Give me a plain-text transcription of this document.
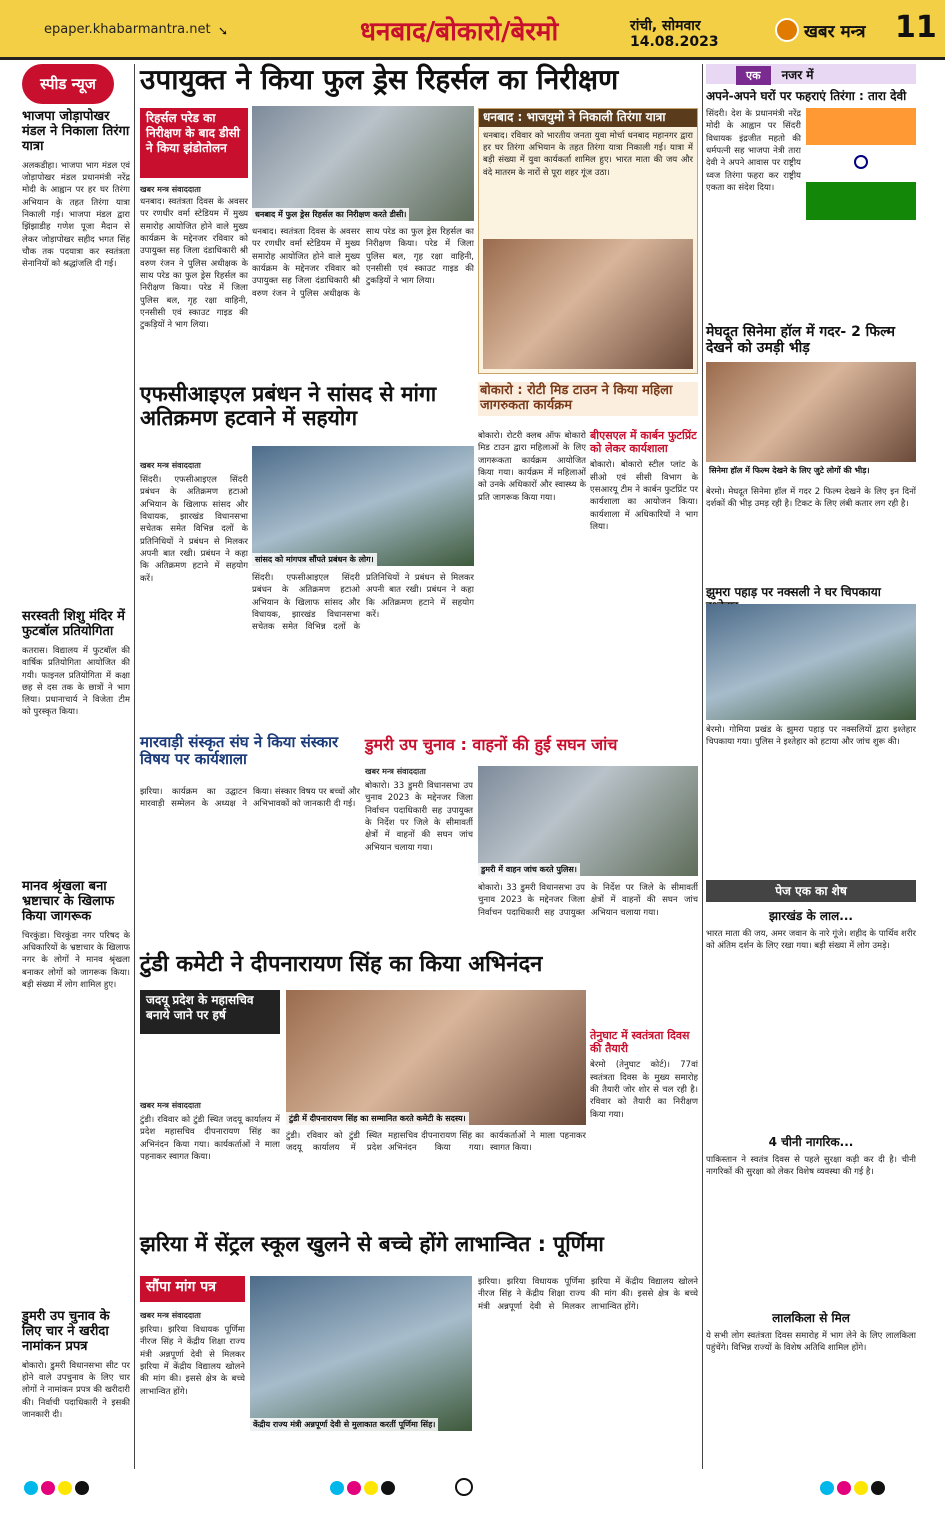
epaper.khabarmantra.net ➘	धनबाद/बोकारो/बेरमो	रांची, सोमवार
14.08.2023	खबर मन्त्र 11
स्पीड न्यूज
भाजपा जोड़ापोखर मंडल ने निकाला तिरंगा यात्रा
अलकडीहा। भाजपा भाग मंडल एवं जोड़ापोखर मंडल प्रधानमंत्री नरेंद्र मोदी के आह्वान पर हर घर तिरंगा अभियान के तहत तिरंगा यात्रा निकाली गई। भाजपा मंडल द्वारा झिंझाडीह गणेश पूजा मैदान से लेकर जोड़ापोखर सहीद भगत सिंह चौक तक पदयात्रा कर स्वतंत्रता सेनानियों को श्रद्धांजलि दी गई।
सरस्वती शिशु मंदिर में फुटबॉल प्रतियोगिता
कतरास। विद्यालय में फुटबॉल की वार्षिक प्रतियोगिता आयोजित की गयी। फाइनल प्रतियोगिता में कक्षा छह से दस तक के छात्रों ने भाग लिया। प्रधानाचार्य ने विजेता टीम को पुरस्कृत किया।
मानव श्रृंखला बना भ्रष्टाचार के खिलाफ किया जागरूक
चिरकुंडा। चिरकुंडा नगर परिषद के अधिकारियों के भ्रष्टाचार के खिलाफ नगर के लोगों ने मानव श्रृंखला बनाकर लोगों को जागरूक किया। बड़ी संख्या में लोग शामिल हुए।
डुमरी उप चुनाव के लिए चार ने खरीदा नामांकन प्रपत्र
बोकारो। डुमरी विधानसभा सीट पर होने वाले उपचुनाव के लिए चार लोगों ने नामांकन प्रपत्र की खरीदारी की। निर्वाची पदाधिकारी ने इसकी जानकारी दी।
उपायुक्त ने किया फुल ड्रेस रिहर्सल का निरीक्षण
रिहर्सल परेड का निरीक्षण के बाद डीसी ने किया झंडोतोलन
धनबाद में फुल ड्रेस रिहर्सल का निरीक्षण करते डीसी।
खबर मन्त्र संवाददाता
धनबाद। स्वतंत्रता दिवस के अवसर पर रणधीर वर्मा स्टेडियम में मुख्य समारोह आयोजित होने वाले मुख्य कार्यक्रम के मद्देनजर रविवार को उपायुक्त सह जिला दंडाधिकारी श्री वरुण रंजन ने पुलिस अधीक्षक के साथ परेड का फुल ड्रेस रिहर्सल का निरीक्षण किया। परेड में जिला पुलिस बल, गृह रक्षा वाहिनी, एनसीसी एवं स्काउट गाइड की टुकड़ियों ने भाग लिया।
धनबाद। स्वतंत्रता दिवस के अवसर पर रणधीर वर्मा स्टेडियम में मुख्य समारोह आयोजित होने वाले मुख्य कार्यक्रम के मद्देनजर रविवार को उपायुक्त सह जिला दंडाधिकारी श्री वरुण रंजन ने पुलिस अधीक्षक के साथ परेड का फुल ड्रेस रिहर्सल का निरीक्षण किया। परेड में जिला पुलिस बल, गृह रक्षा वाहिनी, एनसीसी एवं स्काउट गाइड की टुकड़ियों ने भाग लिया।
धनबाद : भाजयुमो ने निकाली तिरंगा यात्रा
धनबाद। रविवार को भारतीय जनता युवा मोर्चा धनबाद महानगर द्वारा हर घर तिरंगा अभियान के तहत तिरंगा यात्रा निकाली गई। यात्रा में बड़ी संख्या में युवा कार्यकर्ता शामिल हुए। भारत माता की जय और वंदे मातरम के नारों से पूरा शहर गूंज उठा।
एफसीआइएल प्रबंधन ने सांसद से मांगा अतिक्रमण हटवाने में सहयोग
खबर मन्त्र संवाददाता
सिंदरी। एफसीआइएल सिंदरी प्रबंधन के अतिक्रमण हटाओ अभियान के खिलाफ सांसद और विधायक, झारखंड विधानसभा सचेतक समेत विभिन्न दलों के प्रतिनिधियों ने प्रबंधन से मिलकर अपनी बात रखी। प्रबंधन ने कहा कि अतिक्रमण हटाने में सहयोग करें।
सांसद को मांगपत्र सौंपते प्रबंधन के लोग।
सिंदरी। एफसीआइएल सिंदरी प्रबंधन के अतिक्रमण हटाओ अभियान के खिलाफ सांसद और विधायक, झारखंड विधानसभा सचेतक समेत विभिन्न दलों के प्रतिनिधियों ने प्रबंधन से मिलकर अपनी बात रखी। प्रबंधन ने कहा कि अतिक्रमण हटाने में सहयोग करें।
बोकारो : रोटी मिड टाउन ने किया महिला जागरुकता कार्यक्रम
बोकारो। रोटरी क्लब ऑफ बोकारो मिड टाउन द्वारा महिलाओं के लिए जागरूकता कार्यक्रम आयोजित किया गया। कार्यक्रम में महिलाओं को उनके अधिकारों और स्वास्थ्य के प्रति जागरूक किया गया।
बीएसएल में कार्बन फुटप्रिंट को लेकर कार्यशाला
बोकारो। बोकारो स्टील प्लांट के सीओ एवं सीसी विभाग के एसआरयू टीम ने कार्बन फुटप्रिंट पर कार्यशाला का आयोजन किया। कार्यशाला में अधिकारियों ने भाग लिया।
मारवाड़ी संस्कृत संघ ने किया संस्कार विषय पर कार्यशाला
झरिया। कार्यक्रम का उद्घाटन मारवाड़ी सम्मेलन के अध्यक्ष ने किया। संस्कार विषय पर बच्चों और अभिभावकों को जानकारी दी गई।
डुमरी उप चुनाव : वाहनों की हुई सघन जांच
खबर मन्त्र संवाददाता
डुमरी में वाहन जांच करते पुलिस।
बोकारो। 33 डुमरी विधानसभा उप चुनाव 2023 के मद्देनजर जिला निर्वाचन पदाधिकारी सह उपायुक्त के निर्देश पर जिले के सीमावर्ती क्षेत्रों में वाहनों की सघन जांच अभियान चलाया गया।
बोकारो। 33 डुमरी विधानसभा उप चुनाव 2023 के मद्देनजर जिला निर्वाचन पदाधिकारी सह उपायुक्त के निर्देश पर जिले के सीमावर्ती क्षेत्रों में वाहनों की सघन जांच अभियान चलाया गया।
टुंडी कमेटी ने दीपनारायण सिंह का किया अभिनंदन
जदयू प्रदेश के महासचिव बनाये जाने पर हर्ष
टुंडी में दीपनारायण सिंह का सम्मानित करते कमेटी के सदस्य।
खबर मन्त्र संवाददाता
टुंडी। रविवार को टुंडी स्थित जदयू कार्यालय में प्रदेश महासचिव दीपनारायण सिंह का अभिनंदन किया गया। कार्यकर्ताओं ने माला पहनाकर स्वागत किया।
टुंडी। रविवार को टुंडी स्थित जदयू कार्यालय में प्रदेश महासचिव दीपनारायण सिंह का अभिनंदन किया गया। कार्यकर्ताओं ने माला पहनाकर स्वागत किया।
तेनुघाट में स्वतंत्रता दिवस की तैयारी
बेरमो (तेनुघाट कोर्ट)। 77वां स्वतंत्रता दिवस के मुख्य समारोह की तैयारी जोर शोर से चल रही है। रविवार को तैयारी का निरीक्षण किया गया।
झरिया में सेंट्रल स्कूल खुलने से बच्चे होंगे लाभान्वित : पूर्णिमा
सौंपा मांग पत्र
खबर मन्त्र संवाददाता
झरिया। झरिया विधायक पूर्णिमा नीरज सिंह ने केंद्रीय शिक्षा राज्य मंत्री अन्नपूर्णा देवी से मिलकर झरिया में केंद्रीय विद्यालय खोलने की मांग की। इससे क्षेत्र के बच्चे लाभान्वित होंगे।
केंद्रीय राज्य मंत्री अन्नपूर्णा देवी से मुलाकात करतीं पूर्णिमा सिंह।
झरिया। झरिया विधायक पूर्णिमा नीरज सिंह ने केंद्रीय शिक्षा राज्य मंत्री अन्नपूर्णा देवी से मिलकर झरिया में केंद्रीय विद्यालय खोलने की मांग की। इससे क्षेत्र के बच्चे लाभान्वित होंगे।
एक नजर में
अपने-अपने घरों पर फहराएं तिरंगा : तारा देवी
सिंदरी। देश के प्रधानमंत्री नरेंद्र मोदी के आह्वान पर सिंदरी विधायक इंद्रजीत महतो की धर्मपत्नी सह भाजपा नेत्री तारा देवी ने अपने आवास पर राष्ट्रीय ध्वज तिरंगा फहरा कर राष्ट्रीय एकता का संदेश दिया।
मेघदूत सिनेमा हॉल में गदर- 2 फिल्म देखने को उमड़ी भीड़
सिनेमा हॉल में फिल्म देखने के लिए जुटे लोगों की भीड़।
बेरमो। मेघदूत सिनेमा हॉल में गदर 2 फिल्म देखने के लिए इन दिनों दर्शकों की भीड़ उमड़ रही है। टिकट के लिए लंबी कतार लग रही है।
झुमरा पहाड़ पर नक्सली ने घर चिपकाया
बेरमो। गोमिया प्रखंड के झुमरा पहाड़ पर नक्सलियों द्वारा इश्तेहार चिपकाया गया। पुलिस ने इश्तेहार को हटाया और जांच शुरू की।
पेज एक का शेष
झारखंड के लाल...
भारत माता की जय, अमर जवान के नारे गूंजे। शहीद के पार्थिव शरीर को अंतिम दर्शन के लिए रखा गया। बड़ी संख्या में लोग उमड़े।
4 चीनी नागरिक...
पाकिस्तान ने स्वतंत्र दिवस से पहले सुरक्षा कड़ी कर दी है। चीनी नागरिकों की सुरक्षा को लेकर विशेष व्यवस्था की गई है।
लालकिला से मिल
ये सभी लोग स्वतंत्रता दिवस समारोह में भाग लेने के लिए लालकिला पहुंचेंगे। विभिन्न राज्यों के विशेष अतिथि शामिल होंगे।
